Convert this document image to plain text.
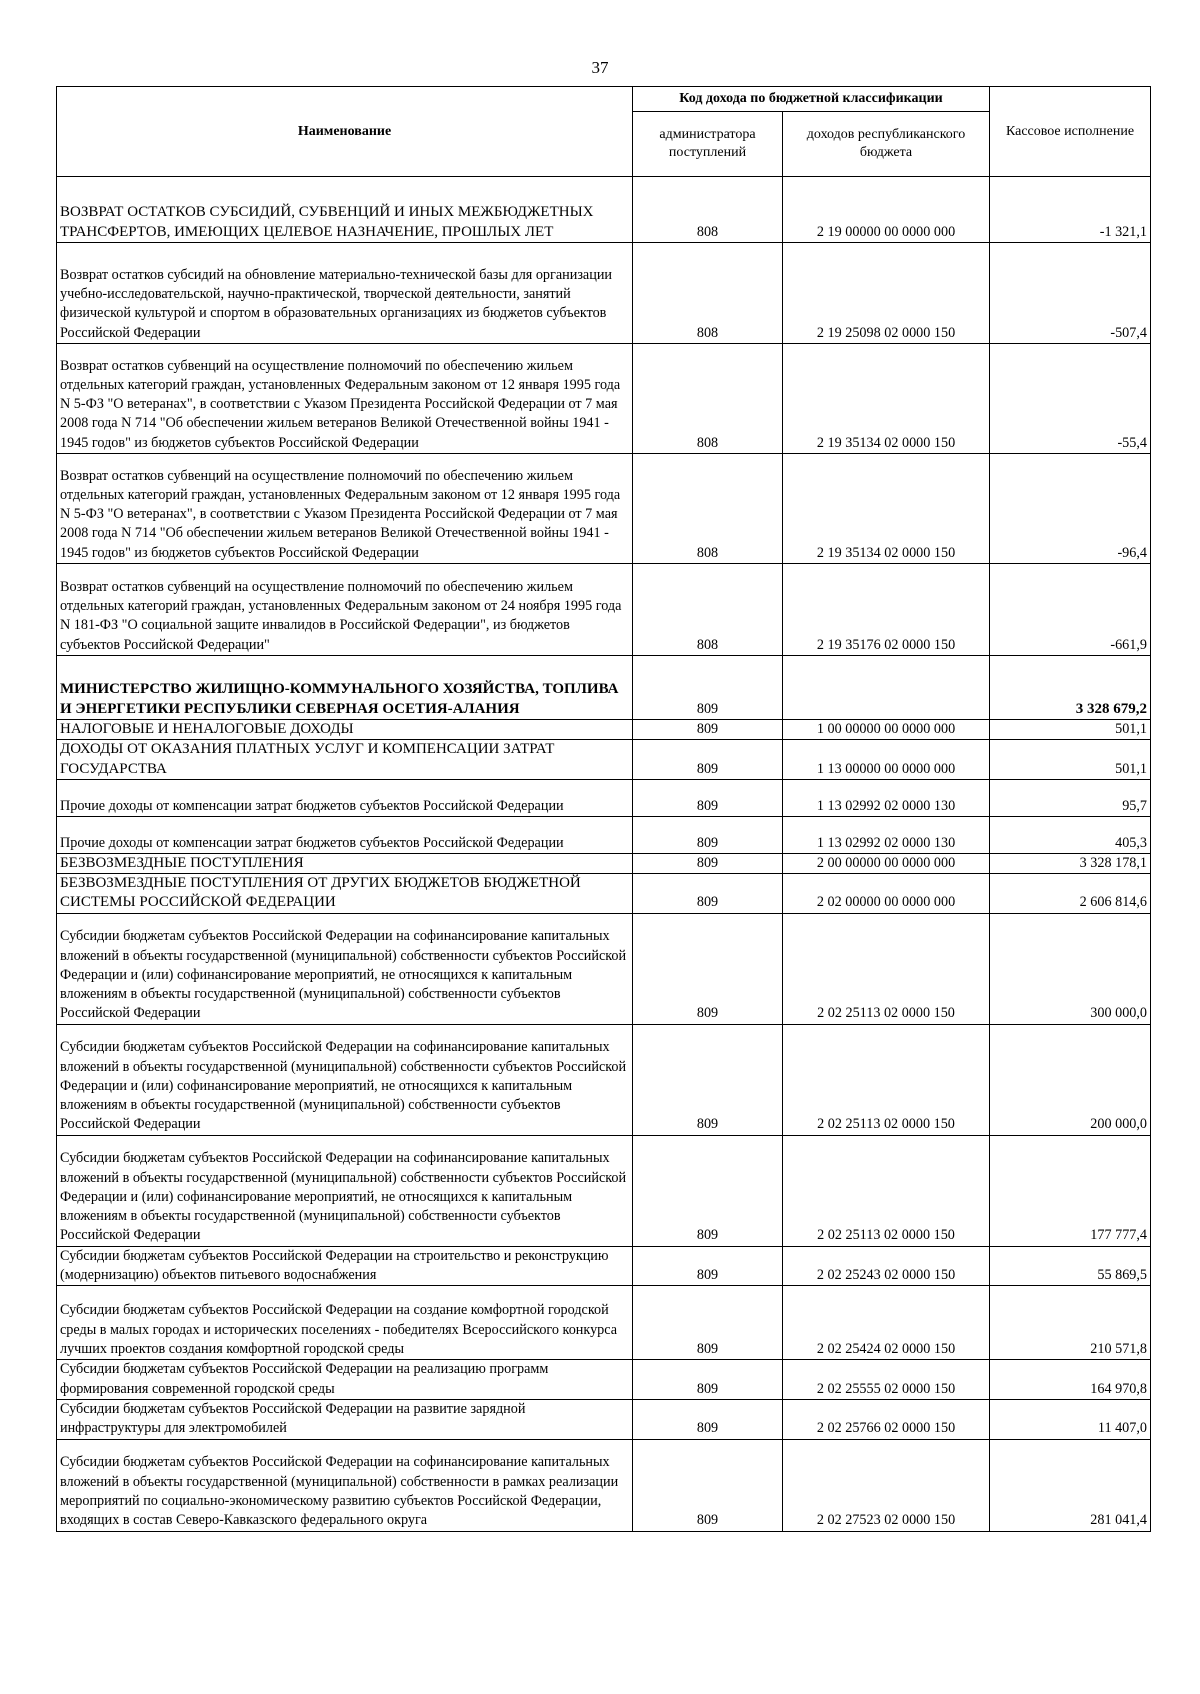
37
Наименование	Код дохода по бюджетной классификации		Кассовое исполнение
	администратора поступлений	доходов республиканского бюджета	
ВОЗВРАТ ОСТАТКОВ СУБСИДИЙ, СУБВЕНЦИЙ И ИНЫХ МЕЖБЮДЖЕТНЫХ ТРАНСФЕРТОВ, ИМЕЮЩИХ ЦЕЛЕВОЕ НАЗНАЧЕНИЕ, ПРОШЛЫХ ЛЕТ	808	2 19 00000 00 0000 000	-1 321,1
Возврат остатков субсидий на обновление материально-технической базы для организации учебно-исследовательской, научно-практической, творческой деятельности, занятий физической культурой и спортом в образовательных организациях из бюджетов субъектов Российской Федерации	808	2 19 25098 02 0000 150	-507,4
Возврат остатков субвенций на осуществление полномочий по обеспечению жильем отдельных категорий граждан, установленных Федеральным законом от 12 января 1995 года N 5-ФЗ "О ветеранах", в соответствии с Указом Президента Российской Федерации от 7 мая 2008 года N 714 "Об обеспечении жильем ветеранов Великой Отечественной войны 1941 - 1945 годов" из бюджетов субъектов Российской Федерации	808	2 19 35134 02 0000 150	-55,4
Возврат остатков субвенций на осуществление полномочий по обеспечению жильем отдельных категорий граждан, установленных Федеральным законом от 12 января 1995 года N 5-ФЗ "О ветеранах", в соответствии с Указом Президента Российской Федерации от 7 мая 2008 года N 714 "Об обеспечении жильем ветеранов Великой Отечественной войны 1941 - 1945 годов" из бюджетов субъектов Российской Федерации	808	2 19 35134 02 0000 150	-96,4
Возврат остатков субвенций на осуществление полномочий по обеспечению жильем отдельных категорий граждан, установленных Федеральным законом от 24 ноября 1995 года N 181-ФЗ "О социальной защите инвалидов в Российской Федерации", из бюджетов субъектов Российской Федерации"	808	2 19 35176 02 0000 150	-661,9
МИНИСТЕРСТВО ЖИЛИЩНО-КОММУНАЛЬНОГО ХОЗЯЙСТВА, ТОПЛИВА И ЭНЕРГЕТИКИ РЕСПУБЛИКИ СЕВЕРНАЯ ОСЕТИЯ-АЛАНИЯ	809		3 328 679,2
НАЛОГОВЫЕ И НЕНАЛОГОВЫЕ ДОХОДЫ	809	1 00 00000 00 0000 000	501,1
ДОХОДЫ ОТ ОКАЗАНИЯ ПЛАТНЫХ УСЛУГ И КОМПЕНСАЦИИ ЗАТРАТ ГОСУДАРСТВА	809	1 13 00000 00 0000 000	501,1
Прочие доходы от компенсации затрат бюджетов субъектов Российской Федерации	809	1 13 02992 02 0000 130	95,7
Прочие доходы от компенсации затрат бюджетов субъектов Российской Федерации	809	1 13 02992 02 0000 130	405,3
БЕЗВОЗМЕЗДНЫЕ ПОСТУПЛЕНИЯ	809	2 00 00000 00 0000 000	3 328 178,1
БЕЗВОЗМЕЗДНЫЕ ПОСТУПЛЕНИЯ ОТ ДРУГИХ БЮДЖЕТОВ БЮДЖЕТНОЙ СИСТЕМЫ РОССИЙСКОЙ ФЕДЕРАЦИИ	809	2 02 00000 00 0000 000	2 606 814,6
Субсидии бюджетам субъектов Российской Федерации на софинансирование капитальных вложений в объекты государственной (муниципальной) собственности субъектов Российской Федерации и (или) софинансирование мероприятий, не относящихся к капитальным вложениям в объекты государственной (муниципальной) собственности субъектов Российской Федерации	809	2 02 25113 02 0000 150	300 000,0
Субсидии бюджетам субъектов Российской Федерации на софинансирование капитальных вложений в объекты государственной (муниципальной) собственности субъектов Российской Федерации и (или) софинансирование мероприятий, не относящихся к капитальным вложениям в объекты государственной (муниципальной) собственности субъектов Российской Федерации	809	2 02 25113 02 0000 150	200 000,0
Субсидии бюджетам субъектов Российской Федерации на софинансирование капитальных вложений в объекты государственной (муниципальной) собственности субъектов Российской Федерации и (или) софинансирование мероприятий, не относящихся к капитальным вложениям в объекты государственной (муниципальной) собственности субъектов Российской Федерации	809	2 02 25113 02 0000 150	177 777,4
Субсидии бюджетам субъектов Российской Федерации на строительство и реконструкцию (модернизацию) объектов питьевого водоснабжения	809	2 02 25243 02 0000 150	55 869,5
Субсидии бюджетам субъектов Российской Федерации на создание комфортной городской среды в малых городах и исторических поселениях - победителях Всероссийского конкурса лучших проектов создания комфортной городской среды	809	2 02 25424 02 0000 150	210 571,8
Субсидии бюджетам субъектов Российской Федерации на реализацию программ формирования современной городской среды	809	2 02 25555 02 0000 150	164 970,8
Субсидии бюджетам субъектов Российской Федерации на развитие зарядной инфраструктуры для электромобилей	809	2 02 25766 02 0000 150	11 407,0
Субсидии бюджетам субъектов Российской Федерации на софинансирование капитальных вложений в объекты государственной (муниципальной) собственности в рамках реализации мероприятий по социально-экономическому развитию субъектов Российской Федерации, входящих в состав Северо-Кавказского федерального округа	809	2 02 27523 02 0000 150	281 041,4
